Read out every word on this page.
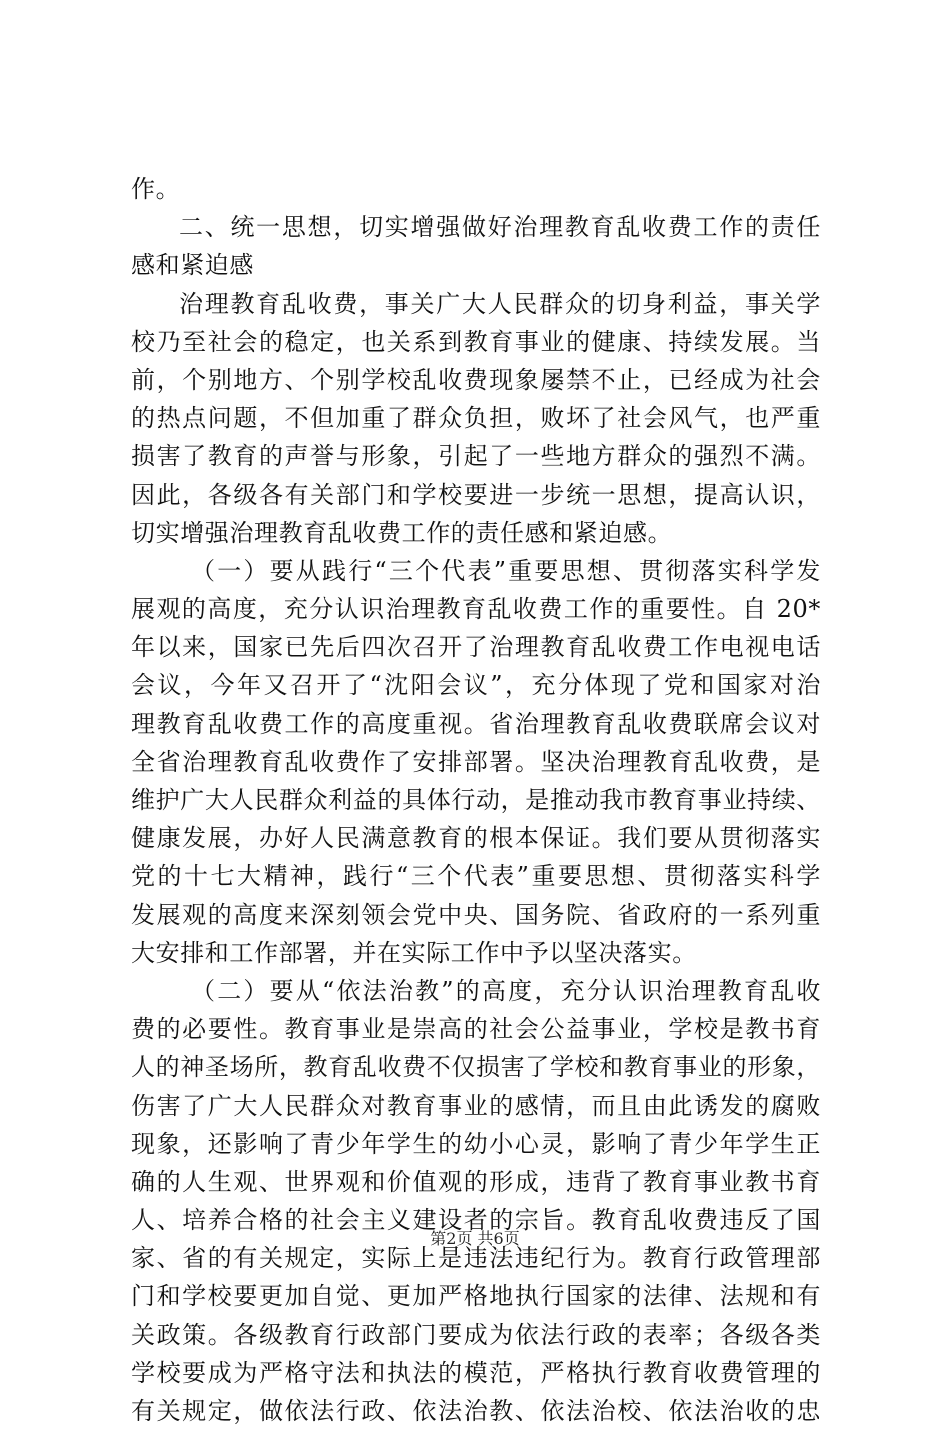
作。
二、统一思想，切实增强做好治理教育乱收费工作的责任
感和紧迫感
治理教育乱收费，事关广大人民群众的切身利益，事关学
校乃至社会的稳定，也关系到教育事业的健康、持续发展。当
前，个别地方、个别学校乱收费现象屡禁不止，已经成为社会
的热点问题，不但加重了群众负担，败坏了社会风气，也严重
损害了教育的声誉与形象，引起了一些地方群众的强烈不满。
因此，各级各有关部门和学校要进一步统一思想，提高认识，
切实增强治理教育乱收费工作的责任感和紧迫感。
（一）要从践行“三个代表”重要思想、贯彻落实科学发
展观的高度，充分认识治理教育乱收费工作的重要性。自 20*
年以来，国家已先后四次召开了治理教育乱收费工作电视电话
会议，今年又召开了“沈阳会议”，充分体现了党和国家对治
理教育乱收费工作的高度重视。省治理教育乱收费联席会议对
全省治理教育乱收费作了安排部署。坚决治理教育乱收费，是
维护广大人民群众利益的具体行动，是推动我市教育事业持续、
健康发展，办好人民满意教育的根本保证。我们要从贯彻落实
党的十七大精神，践行“三个代表”重要思想、贯彻落实科学
发展观的高度来深刻领会党中央、国务院、省政府的一系列重
大安排和工作部署，并在实际工作中予以坚决落实。
（二）要从“依法治教”的高度，充分认识治理教育乱收
费的必要性。教育事业是崇高的社会公益事业，学校是教书育
人的神圣场所，教育乱收费不仅损害了学校和教育事业的形象，
伤害了广大人民群众对教育事业的感情，而且由此诱发的腐败
现象，还影响了青少年学生的幼小心灵，影响了青少年学生正
确的人生观、世界观和价值观的形成，违背了教育事业教书育
人、培养合格的社会主义建设者的宗旨。教育乱收费违反了国
家、省的有关规定，实际上是违法违纪行为。教育行政管理部
门和学校要更加自觉、更加严格地执行国家的法律、法规和有
关政策。各级教育行政部门要成为依法行政的表率；各级各类
学校要成为严格守法和执法的模范，严格执行教育收费管理的
有关规定，做依法行政、依法治教、依法治校、依法治收的忠
第2页 共6页
